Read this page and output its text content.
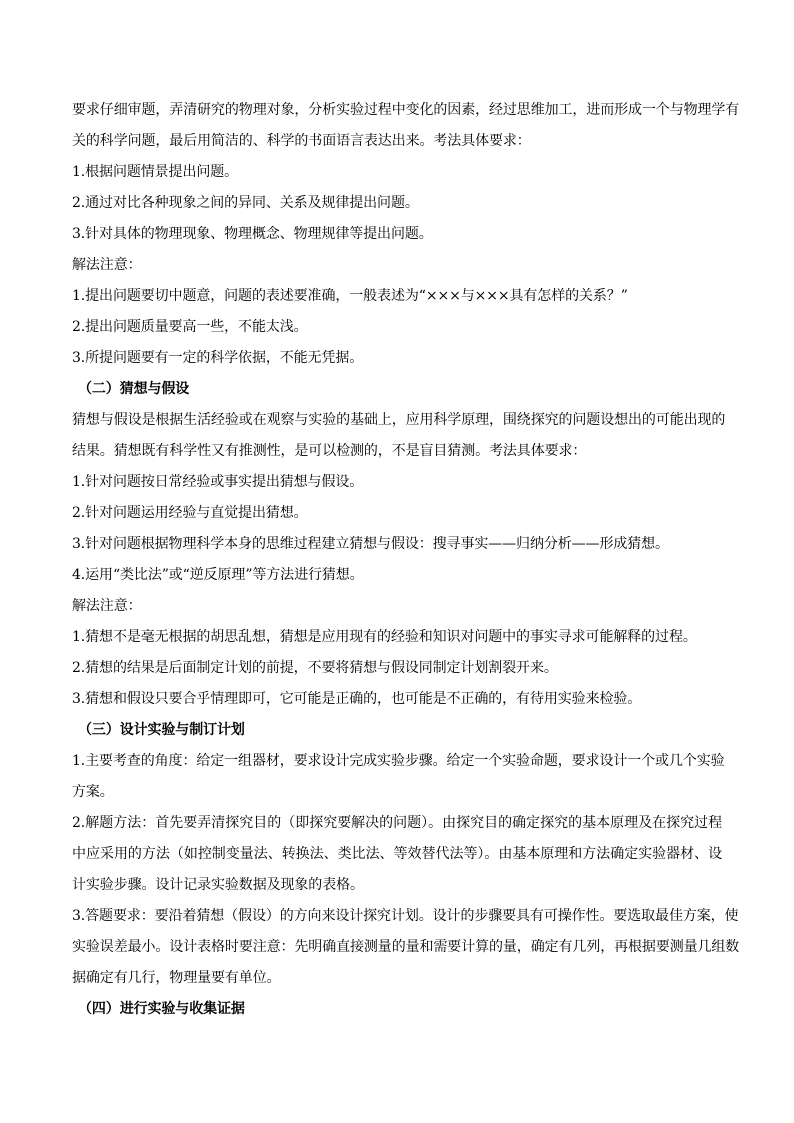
要求仔细审题，弄清研究的物理对象，分析实验过程中变化的因素，经过思维加工，进而形成一个与物理学有
关的科学问题，最后用简洁的、科学的书面语言表达出来。考法具体要求：
1.根据问题情景提出问题。
2.通过对比各种现象之间的异同、关系及规律提出问题。
3.针对具体的物理现象、物理概念、物理规律等提出问题。
解法注意：
1.提出问题要切中题意，问题的表述要准确，一般表述为“×××与×××具有怎样的关系？”
2.提出问题质量要高一些，不能太浅。
3.所提问题要有一定的科学依据，不能无凭据。
（二）猜想与假设
猜想与假设是根据生活经验或在观察与实验的基础上，应用科学原理，围绕探究的问题设想出的可能出现的
结果。猜想既有科学性又有推测性，是可以检测的，不是盲目猜测。考法具体要求：
1.针对问题按日常经验或事实提出猜想与假设。
2.针对问题运用经验与直觉提出猜想。
3.针对问题根据物理科学本身的思维过程建立猜想与假设：搜寻事实——归纳分析——形成猜想。
4.运用“类比法”或“逆反原理”等方法进行猜想。
解法注意：
1.猜想不是毫无根据的胡思乱想，猜想是应用现有的经验和知识对问题中的事实寻求可能解释的过程。
2.猜想的结果是后面制定计划的前提，不要将猜想与假设同制定计划割裂开来。
3.猜想和假设只要合乎情理即可，它可能是正确的，也可能是不正确的，有待用实验来检验。
（三）设计实验与制订计划
1.主要考查的角度：给定一组器材，要求设计完成实验步骤。给定一个实验命题，要求设计一个或几个实验
方案。
2.解题方法：首先要弄清探究目的（即探究要解决的问题）。由探究目的确定探究的基本原理及在探究过程
中应采用的方法（如控制变量法、转换法、类比法、等效替代法等）。由基本原理和方法确定实验器材、设
计实验步骤。设计记录实验数据及现象的表格。
3.答题要求：要沿着猜想（假设）的方向来设计探究计划。设计的步骤要具有可操作性。要选取最佳方案，使
实验误差最小。设计表格时要注意：先明确直接测量的量和需要计算的量，确定有几列，再根据要测量几组数
据确定有几行，物理量要有单位。
（四）进行实验与收集证据
